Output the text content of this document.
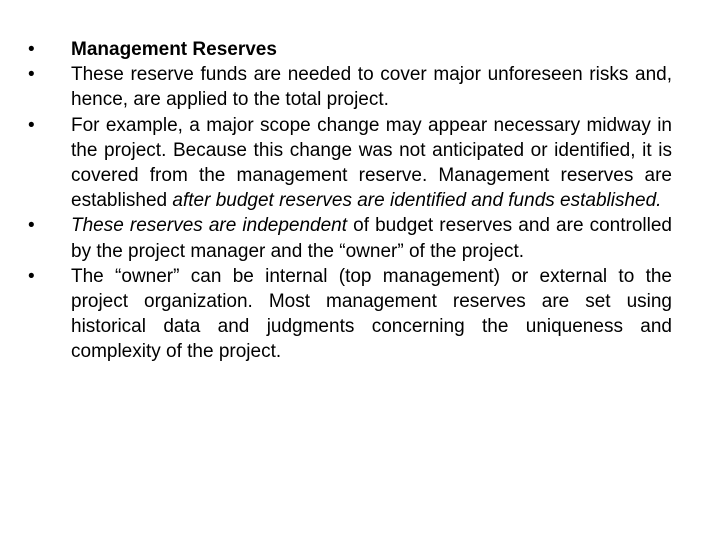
•	Management Reserves
•	These reserve funds are needed to cover major unforeseen risks and, hence, are applied to the total project.
•	For example, a major scope change may appear necessary midway in the project. Because this change was not anticipated or identified, it is covered from the management reserve. Management reserves are established after budget reserves are identified and funds established.
•	These reserves are independent of budget reserves and are controlled by the project manager and the “owner” of the project.
•	The “owner” can be internal (top management) or external to the project organization. Most management reserves are set using historical data and judgments concerning the uniqueness and complexity of the project.
